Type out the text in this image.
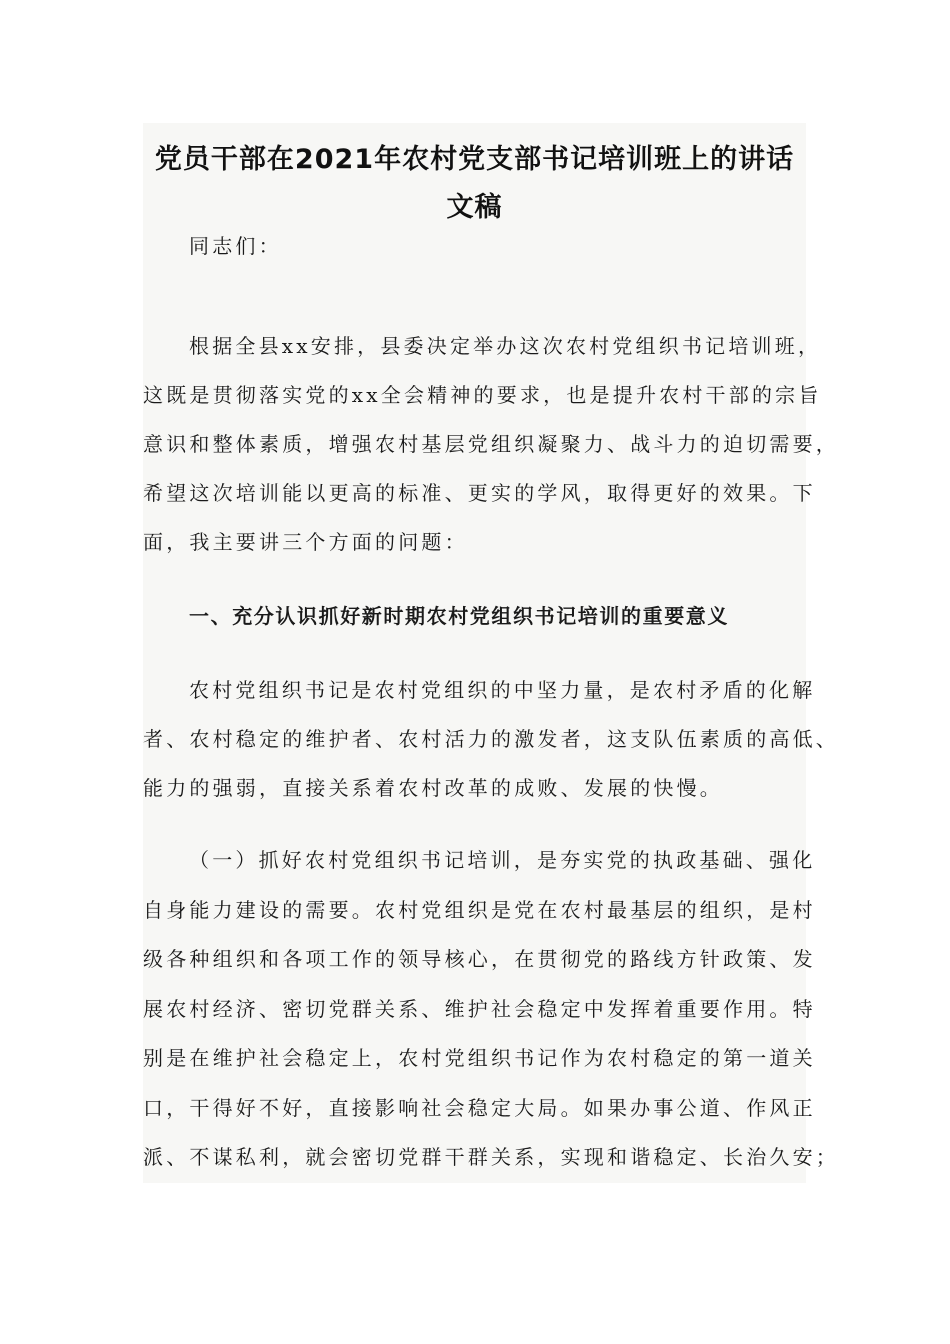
党员干部在2021年农村党支部书记培训班上的讲话
文稿
同志们：
根据全县xx安排，县委决定举办这次农村党组织书记培训班，
这既是贯彻落实党的xx全会精神的要求，也是提升农村干部的宗旨
意识和整体素质，增强农村基层党组织凝聚力、战斗力的迫切需要，
希望这次培训能以更高的标准、更实的学风，取得更好的效果。下
面，我主要讲三个方面的问题：
一、充分认识抓好新时期农村党组织书记培训的重要意义
农村党组织书记是农村党组织的中坚力量，是农村矛盾的化解
者、农村稳定的维护者、农村活力的激发者，这支队伍素质的高低、
能力的强弱，直接关系着农村改革的成败、发展的快慢。
（一）抓好农村党组织书记培训，是夯实党的执政基础、强化
自身能力建设的需要。农村党组织是党在农村最基层的组织，是村
级各种组织和各项工作的领导核心，在贯彻党的路线方针政策、发
展农村经济、密切党群关系、维护社会稳定中发挥着重要作用。特
别是在维护社会稳定上，农村党组织书记作为农村稳定的第一道关
口，干得好不好，直接影响社会稳定大局。如果办事公道、作风正
派、不谋私利，就会密切党群干群关系，实现和谐稳定、长治久安；
